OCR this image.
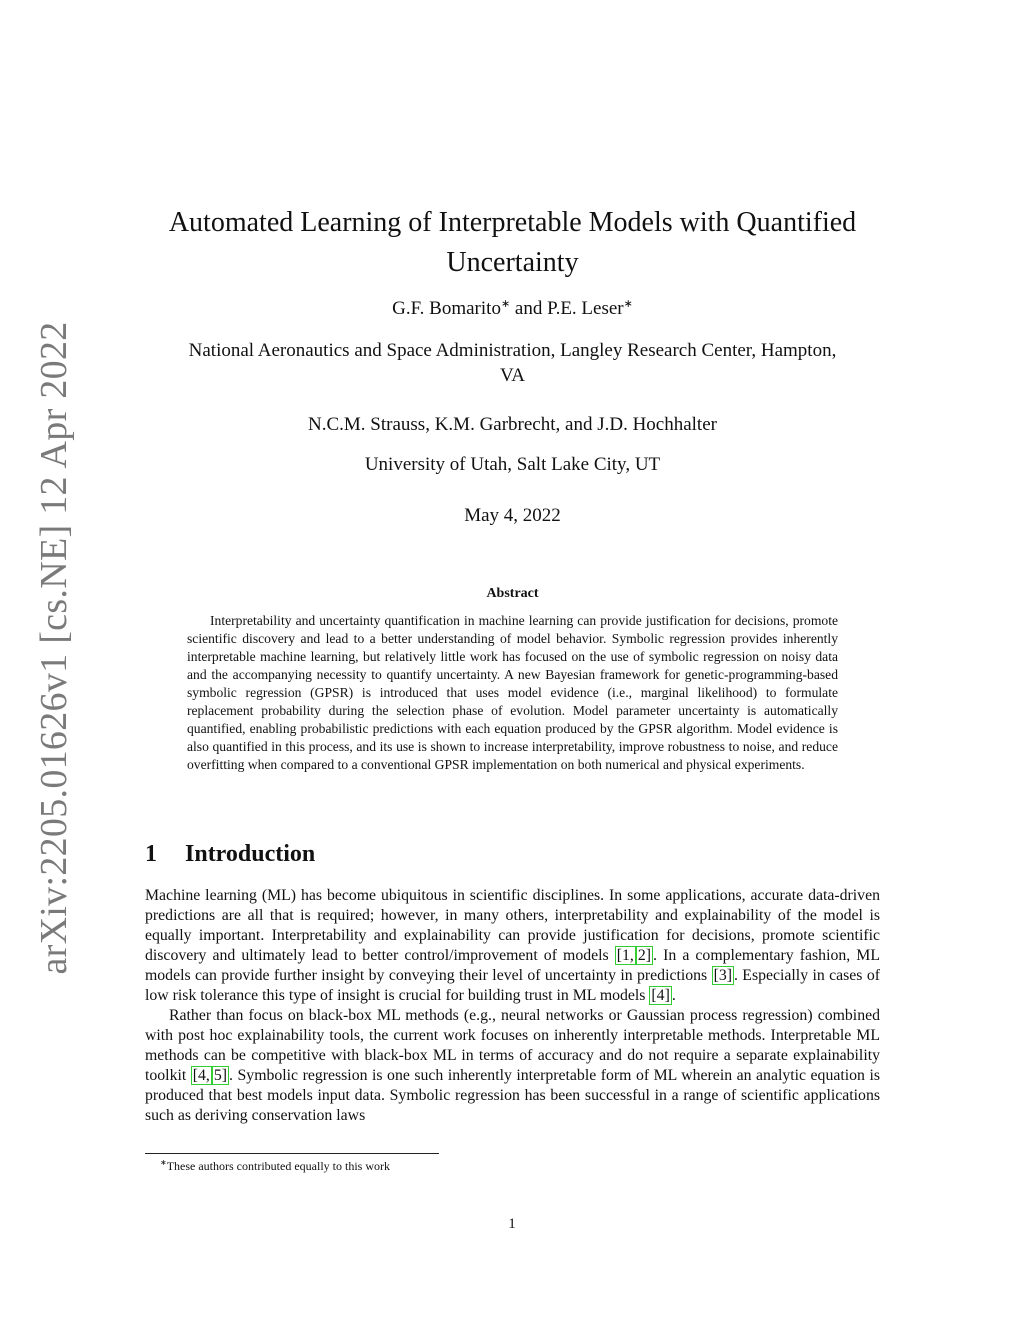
arXiv:2205.01626v1 [cs.NE] 12 Apr 2022
Automated Learning of Interpretable Models with Quantified
Uncertainty
G.F. Bomarito∗ and P.E. Leser∗
National Aeronautics and Space Administration, Langley Research Center, Hampton,
VA
N.C.M. Strauss, K.M. Garbrecht, and J.D. Hochhalter
University of Utah, Salt Lake City, UT
May 4, 2022
Abstract

Interpretability and uncertainty quantification in machine learning can provide justification for decisions, promote scientific discovery and lead to a better understanding of model behavior. Symbolic regression provides inherently interpretable machine learning, but relatively little work has focused on the use of symbolic regression on noisy data and the accompanying necessity to quantify uncertainty. A new Bayesian framework for genetic-programming-based symbolic regression (GPSR) is introduced that uses model evidence (i.e., marginal likelihood) to formulate replacement probability during the selection phase of evolution. Model parameter uncertainty is automatically quantified, enabling probabilistic predictions with each equation produced by the GPSR algorithm. Model evidence is also quantified in this process, and its use is shown to increase interpretability, improve robustness to noise, and reduce overfitting when compared to a conventional GPSR implementation on both numerical and physical experiments.

1 Introduction

Machine learning (ML) has become ubiquitous in scientific disciplines. In some applications, accurate data-driven predictions are all that is required; however, in many others, interpretability and explainability of the model is equally important. Interpretability and explainability can provide justification for decisions, promote scientific discovery and ultimately lead to better control/improvement of models [1, 2] . In a complementary fashion, ML models can provide further insight by conveying their level of uncertainty in predictions [3] . Especially in cases of low risk tolerance this type of insight is crucial for building trust in ML models [4] .

Rather than focus on black-box ML methods (e.g., neural networks or Gaussian process regression) combined with post hoc explainability tools, the current work focuses on inherently interpretable methods. Interpretable ML methods can be competitive with black-box ML in terms of accuracy and do not require a separate explainability toolkit [4, 5] . Symbolic regression is one such inherently interpretable form of ML wherein an analytic equation is produced that best models input data. Symbolic regression has been successful in a range of scientific applications such as deriving conservation laws

∗These authors contributed equally to this work
1
